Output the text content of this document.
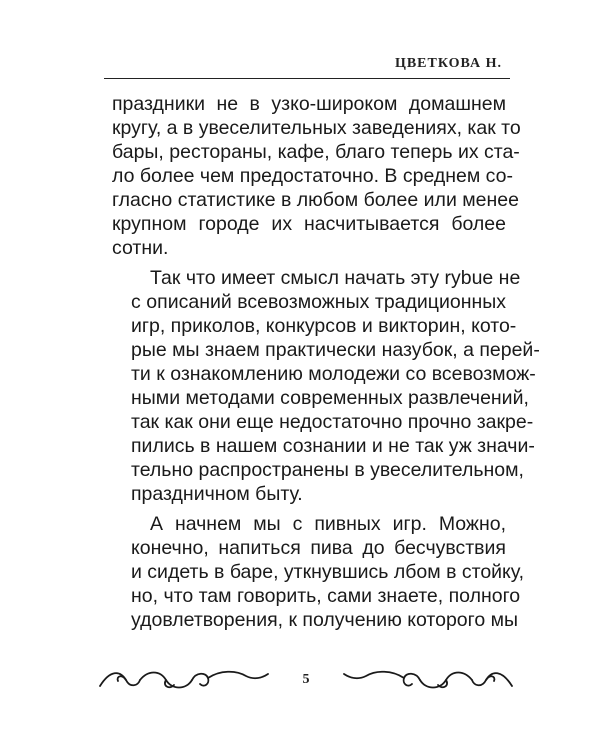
ЦВЕТКОВА Н.

праздники не в узко-широком домашнем
кругу, а в увеселительных заведениях, как то
бары, рестораны, кафе, благо теперь их ста-
ло более чем предостаточно. В среднем со-
гласно статистике в любом более или менее
крупном городе их насчитывается более
сотни.

Так что имеет смысл начать эту rybue не
с описаний всевозможных традиционных
игр, приколов, конкурсов и викторин, кото-
рые мы знаем практически назубок, а перей-
ти к ознакомлению молодежи со всевозмож-
ными методами современных развлечений,
так как они еще недостаточно прочно закре-
пились в нашем сознании и не так уж значи-
тельно распространены в увеселительном,
праздничном быту.

А начнем мы с пивных игр. Можно,
конечно, напиться пива до бесчувствия
и сидеть в баре, уткнувшись лбом в стойку,
но, что там говорить, сами знаете, полного
удовлетворения, к получению которого мы

5
